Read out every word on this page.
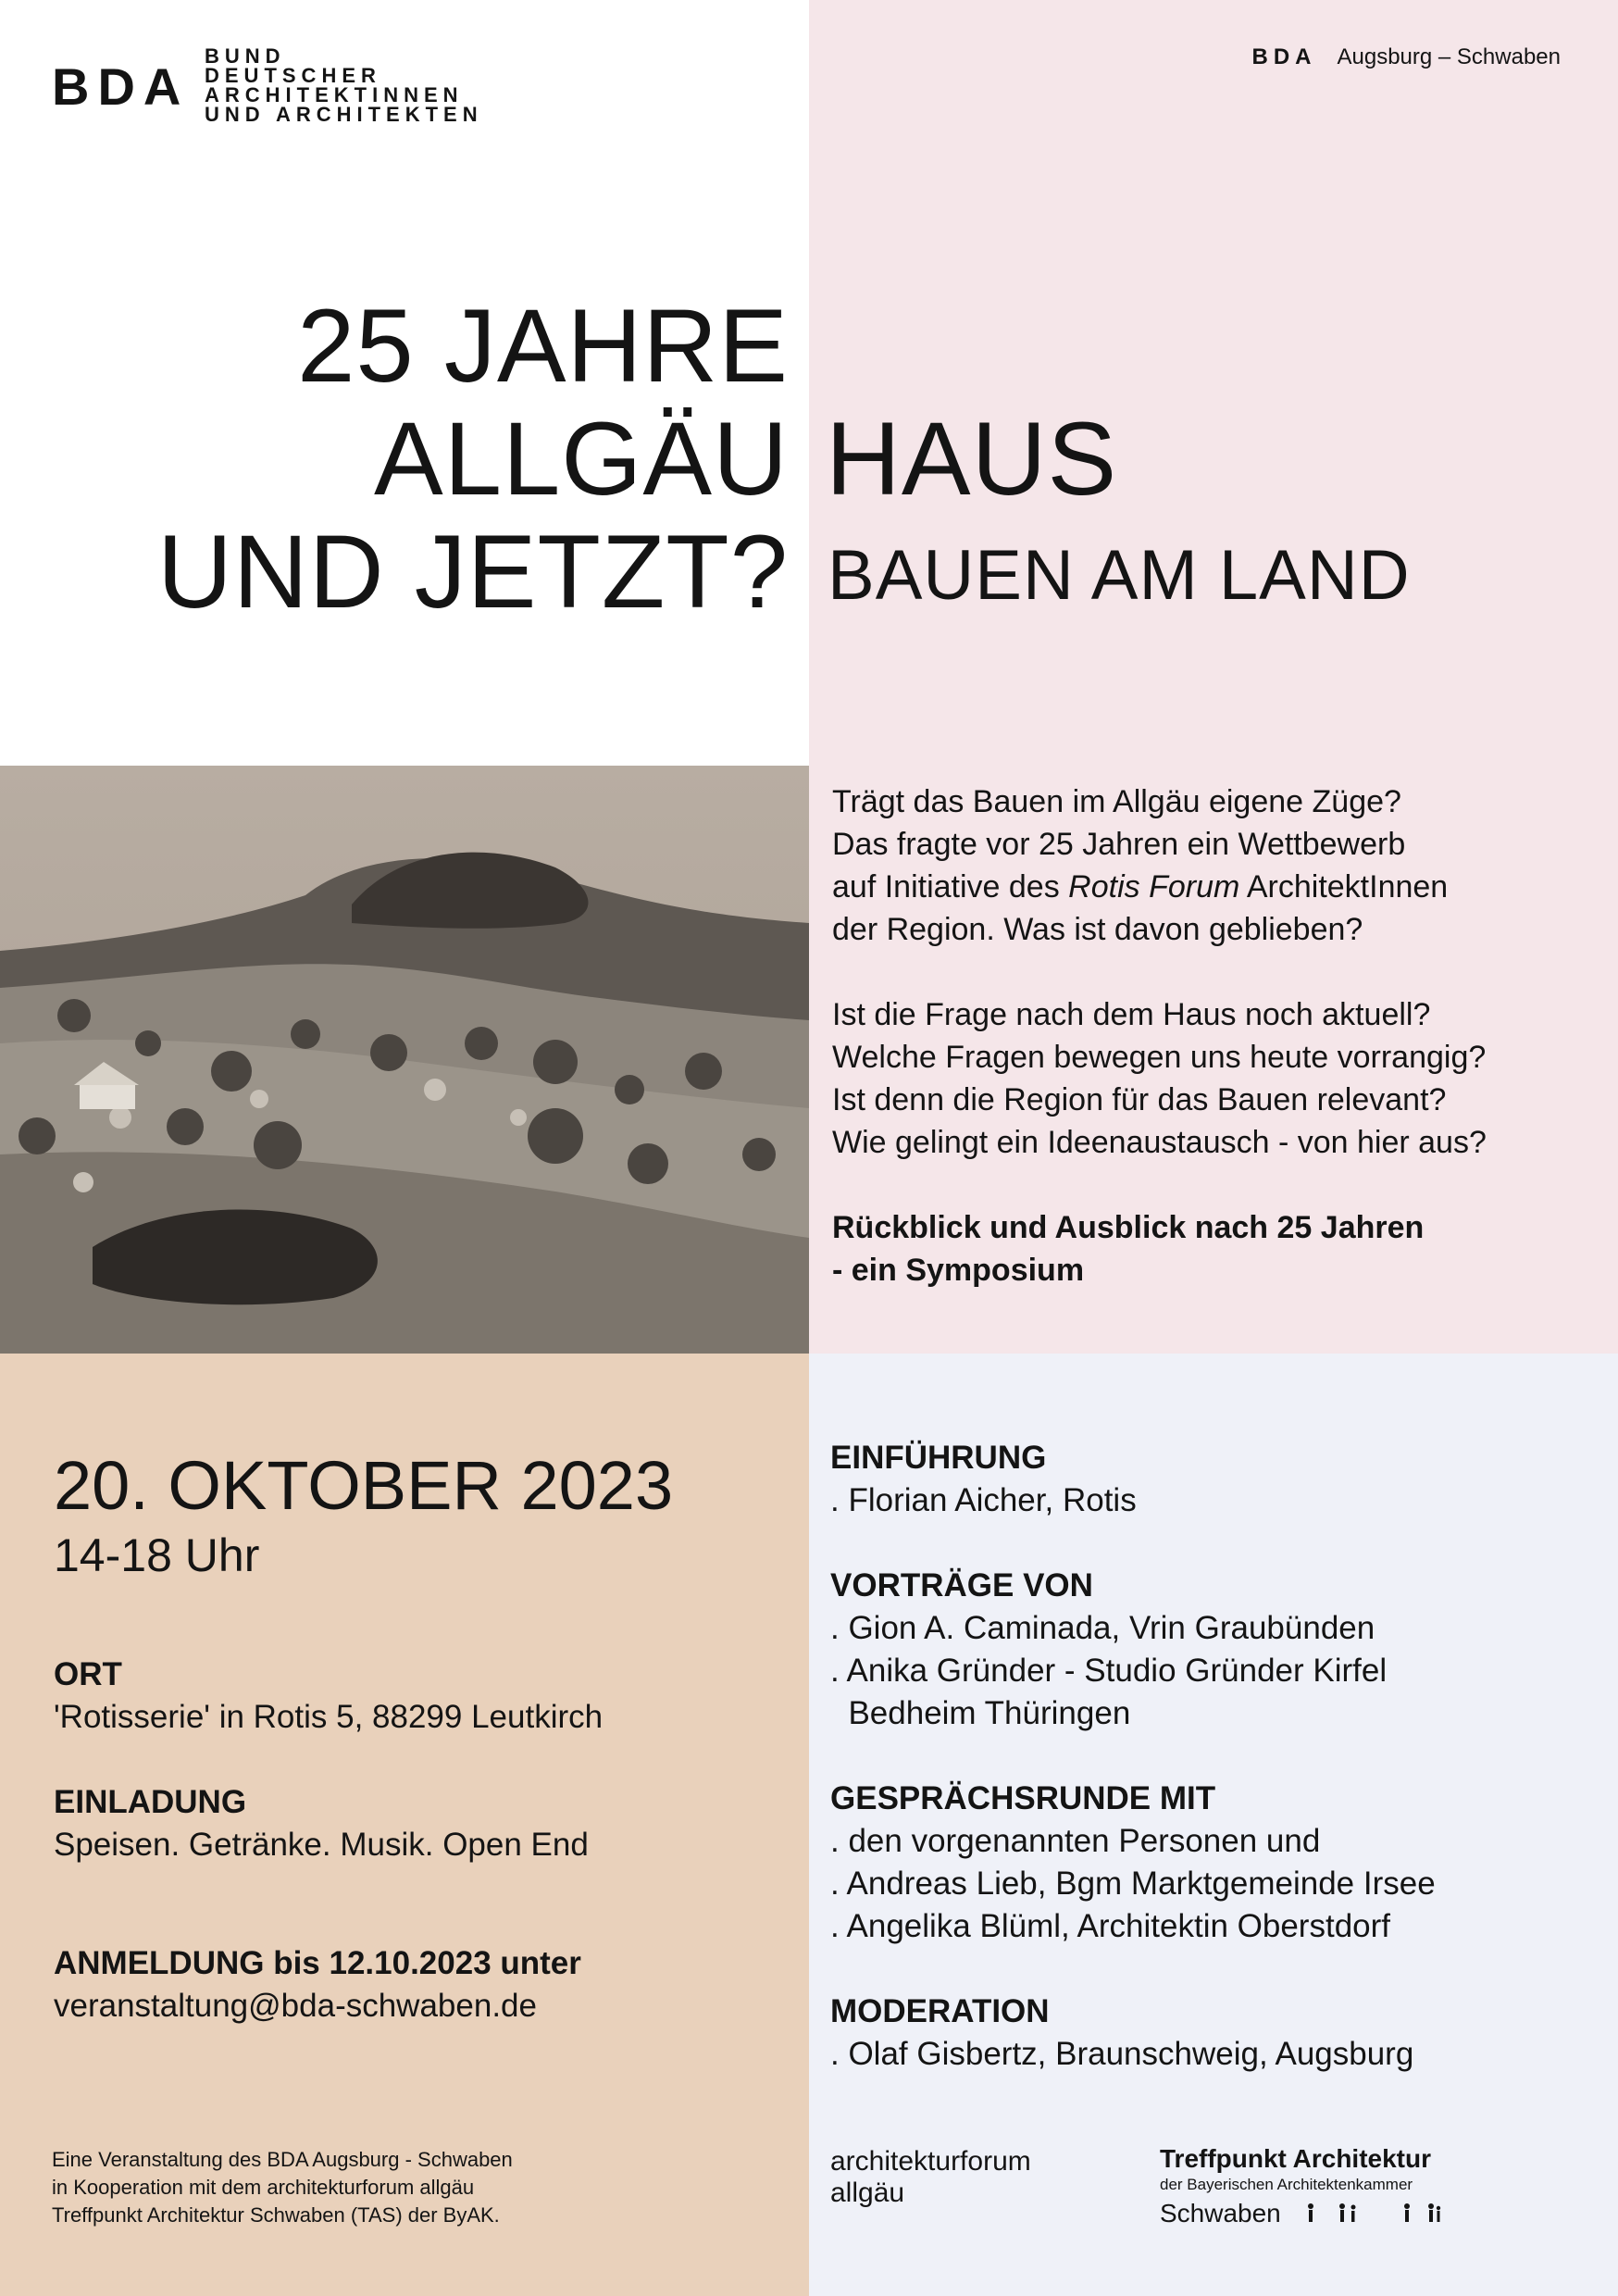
BDA
BUND
DEUTSCHER
ARCHITEKTINNEN
UND ARCHITEKTEN
BDA Augsburg – Schwaben
25 JAHRE
ALLGÄU HAUS
UND JETZT? BAUEN AM LAND

Trägt das Bauen im Allgäu eigene Züge?
Das fragte vor 25 Jahren ein Wettbewerb
auf Initiative des Rotis Forum ArchitektInnen
der Region. Was ist davon geblieben?

Ist die Frage nach dem Haus noch aktuell?
Welche Fragen bewegen uns heute vorrangig?
Ist denn die Region für das Bauen relevant?
Wie gelingt ein Ideenaustausch - von hier aus?

Rückblick und Ausblick nach 25 Jahren
- ein Symposium

20. OKTOBER 2023
14-18 Uhr
ORT
'Rotisserie' in Rotis 5, 88299 Leutkirch
EINLADUNG
Speisen. Getränke. Musik. Open End
ANMELDUNG bis 12.10.2023 unter
veranstaltung@bda-schwaben.de
EINFÜHRUNG
. Florian Aicher, Rotis
VORTRÄGE VON
. Gion A. Caminada, Vrin Graubünden
. Anika Gründer - Studio Gründer Kirfel
Bedheim Thüringen
GESPRÄCHSRUNDE MIT
. den vorgenannten Personen und
. Andreas Lieb, Bgm Marktgemeinde Irsee
. Angelika Blüml, Architektin Oberstdorf
MODERATION
. Olaf Gisbertz, Braunschweig, Augsburg
Eine Veranstaltung des BDA Augsburg - Schwaben
in Kooperation mit dem architekturforum allgäu
Treffpunkt Architektur Schwaben (TAS) der ByAK.
architekturforum
allgäu
Treffpunkt Architektur
der Bayerischen Architektenkammer
Schwaben
